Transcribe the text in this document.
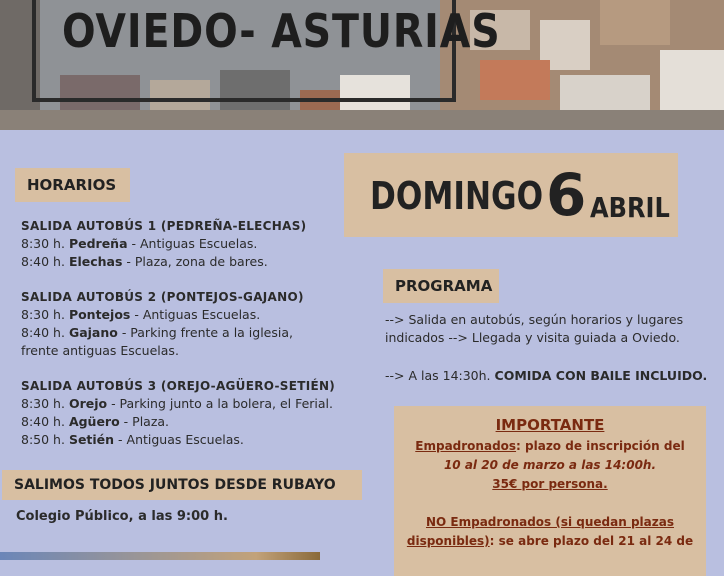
OVIEDO- ASTURIAS
HORARIOS
SALIDA AUTOBÚS 1 (PEDREÑA-ELECHAS)
8:30 h. Pedreña - Antiguas Escuelas.
8:40 h. Elechas - Plaza, zona de bares.
SALIDA AUTOBÚS 2 (PONTEJOS-GAJANO)
8:30 h. Pontejos - Antiguas Escuelas.
8:40 h. Gajano - Parking frente a la iglesia,
frente antiguas Escuelas.
SALIDA AUTOBÚS 3 (OREJO-AGÜERO-SETIÉN)
8:30 h. Orejo - Parking junto a la bolera, el Ferial.
8:40 h. Agüero - Plaza.
8:50 h. Setién - Antiguas Escuelas.
SALIMOS TODOS JUNTOS DESDE RUBAYO
Colegio Público, a las 9:00 h.
DOMINGO 6 ABRIL
PROGRAMA
--> Salida en autobús, según horarios y lugares
indicados --> Llegada y visita guiada a Oviedo.
--> A las 14:30h. COMIDA CON BAILE INCLUIDO.
IMPORTANTE
Empadronados: plazo de inscripción del
10 al 20 de marzo a las 14:00h.
35€ por persona.
NO Empadronados (si quedan plazas
disponibles): se abre plazo del 21 al 24 de
